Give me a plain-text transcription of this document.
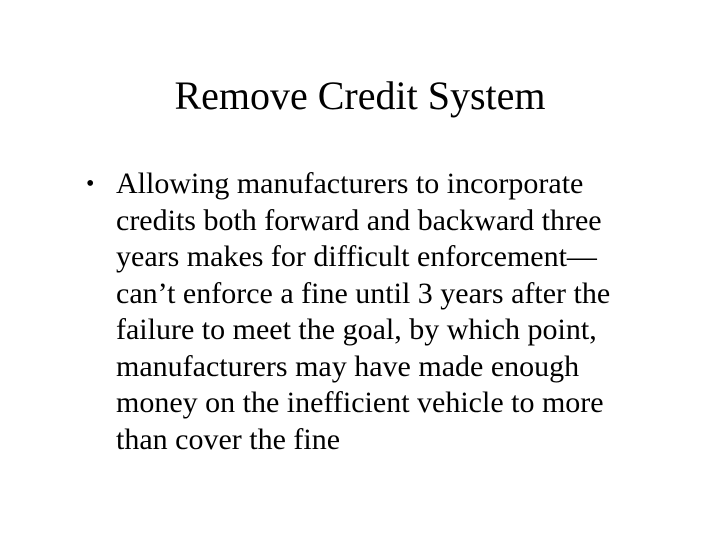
Remove Credit System
• Allowing manufacturers to incorporate
credits both forward and backward three
years makes for difficult enforcement—
can’t enforce a fine until 3 years after the
failure to meet the goal, by which point,
manufacturers may have made enough
money on the inefficient vehicle to more
than cover the fine
